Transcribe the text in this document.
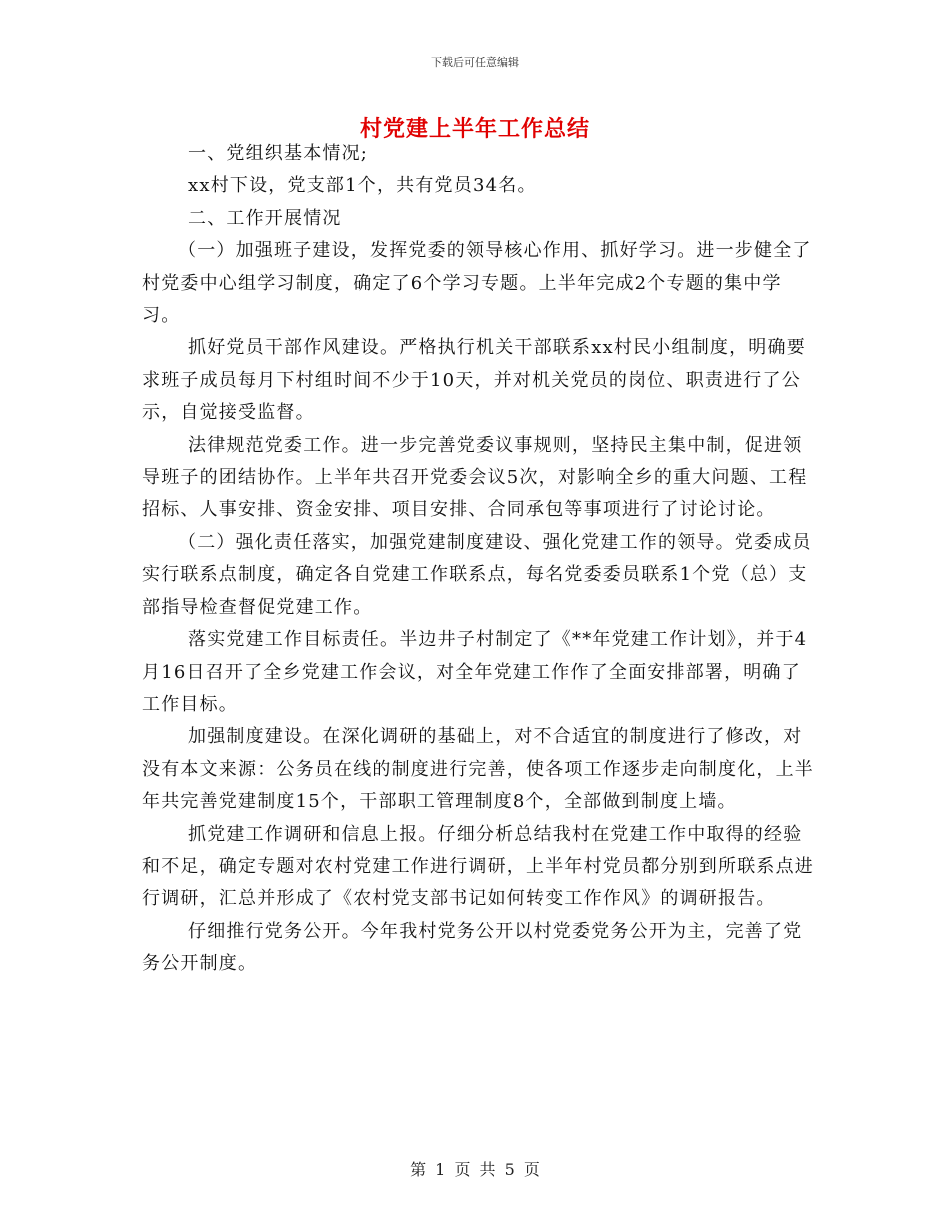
下载后可任意编辑
村党建上半年工作总结

一、党组织基本情况;

xx村下设，党支部1个，共有党员34名。

二、工作开展情况

（一）加强班子建设，发挥党委的领导核心作用、抓好学习。进一步健全了村党委中心组学习制度，确定了6个学习专题。上半年完成2个专题的集中学习。

抓好党员干部作风建设。严格执行机关干部联系xx村民小组制度，明确要求班子成员每月下村组时间不少于10天，并对机关党员的岗位、职责进行了公示，自觉接受监督。

法律规范党委工作。进一步完善党委议事规则，坚持民主集中制，促进领导班子的团结协作。上半年共召开党委会议5次，对影响全乡的重大问题、工程招标、人事安排、资金安排、项目安排、合同承包等事项进行了讨论讨论。

（二）强化责任落实，加强党建制度建设、强化党建工作的领导。党委成员实行联系点制度，确定各自党建工作联系点，每名党委委员联系1个党（总）支部指导检查督促党建工作。

落实党建工作目标责任。半边井子村制定了《**年党建工作计划》，并于4月16日召开了全乡党建工作会议，对全年党建工作作了全面安排部署，明确了工作目标。

加强制度建设。在深化调研的基础上，对不合适宜的制度进行了修改，对没有本文来源：公务员在线的制度进行完善，使各项工作逐步走向制度化，上半年共完善党建制度15个，干部职工管理制度8个，全部做到制度上墙。

抓党建工作调研和信息上报。仔细分析总结我村在党建工作中取得的经验和不足，确定专题对农村党建工作进行调研，上半年村党员都分别到所联系点进行调研，汇总并形成了《农村党支部书记如何转变工作作风》的调研报告。

仔细推行党务公开。今年我村党务公开以村党委党务公开为主，完善了党务公开制度。

第 1 页 共 5 页
